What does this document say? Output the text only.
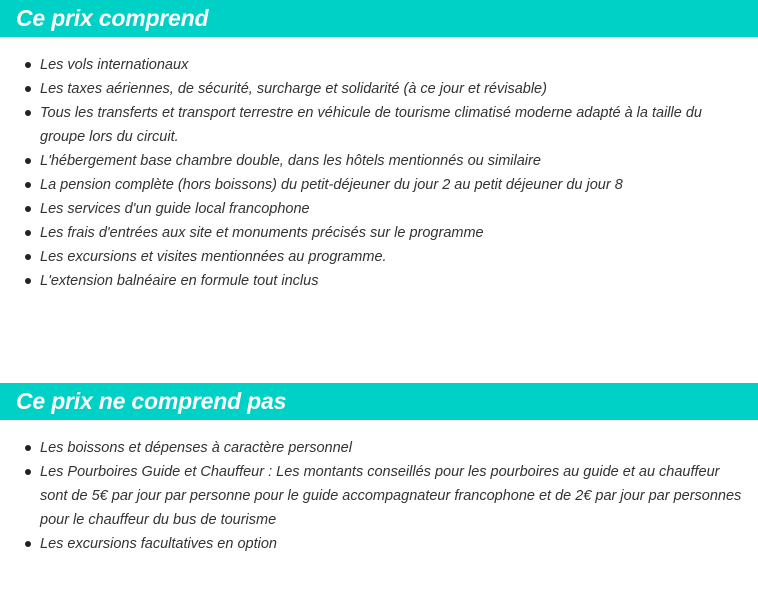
Ce prix comprend
Les vols internationaux
Les taxes aériennes, de sécurité, surcharge et solidarité (à ce jour et révisable)
Tous les transferts et transport terrestre en véhicule de tourisme climatisé moderne adapté à la taille du groupe lors du circuit.
L'hébergement base chambre double, dans les hôtels mentionnés ou similaire
La pension complète (hors boissons) du petit-déjeuner du jour 2 au petit déjeuner du jour 8
Les services d'un guide local francophone
Les frais d'entrées aux site et monuments précisés sur le programme
Les excursions et visites mentionnées au programme.
L'extension balnéaire en formule tout inclus
Ce prix ne comprend pas
Les boissons et dépenses à caractère personnel
Les Pourboires Guide et Chauffeur : Les montants conseillés pour les pourboires au guide et au chauffeur sont de 5€ par jour par personne pour le guide accompagnateur francophone et de 2€ par jour par personnes pour le chauffeur du bus de tourisme
Les excursions facultatives en option
